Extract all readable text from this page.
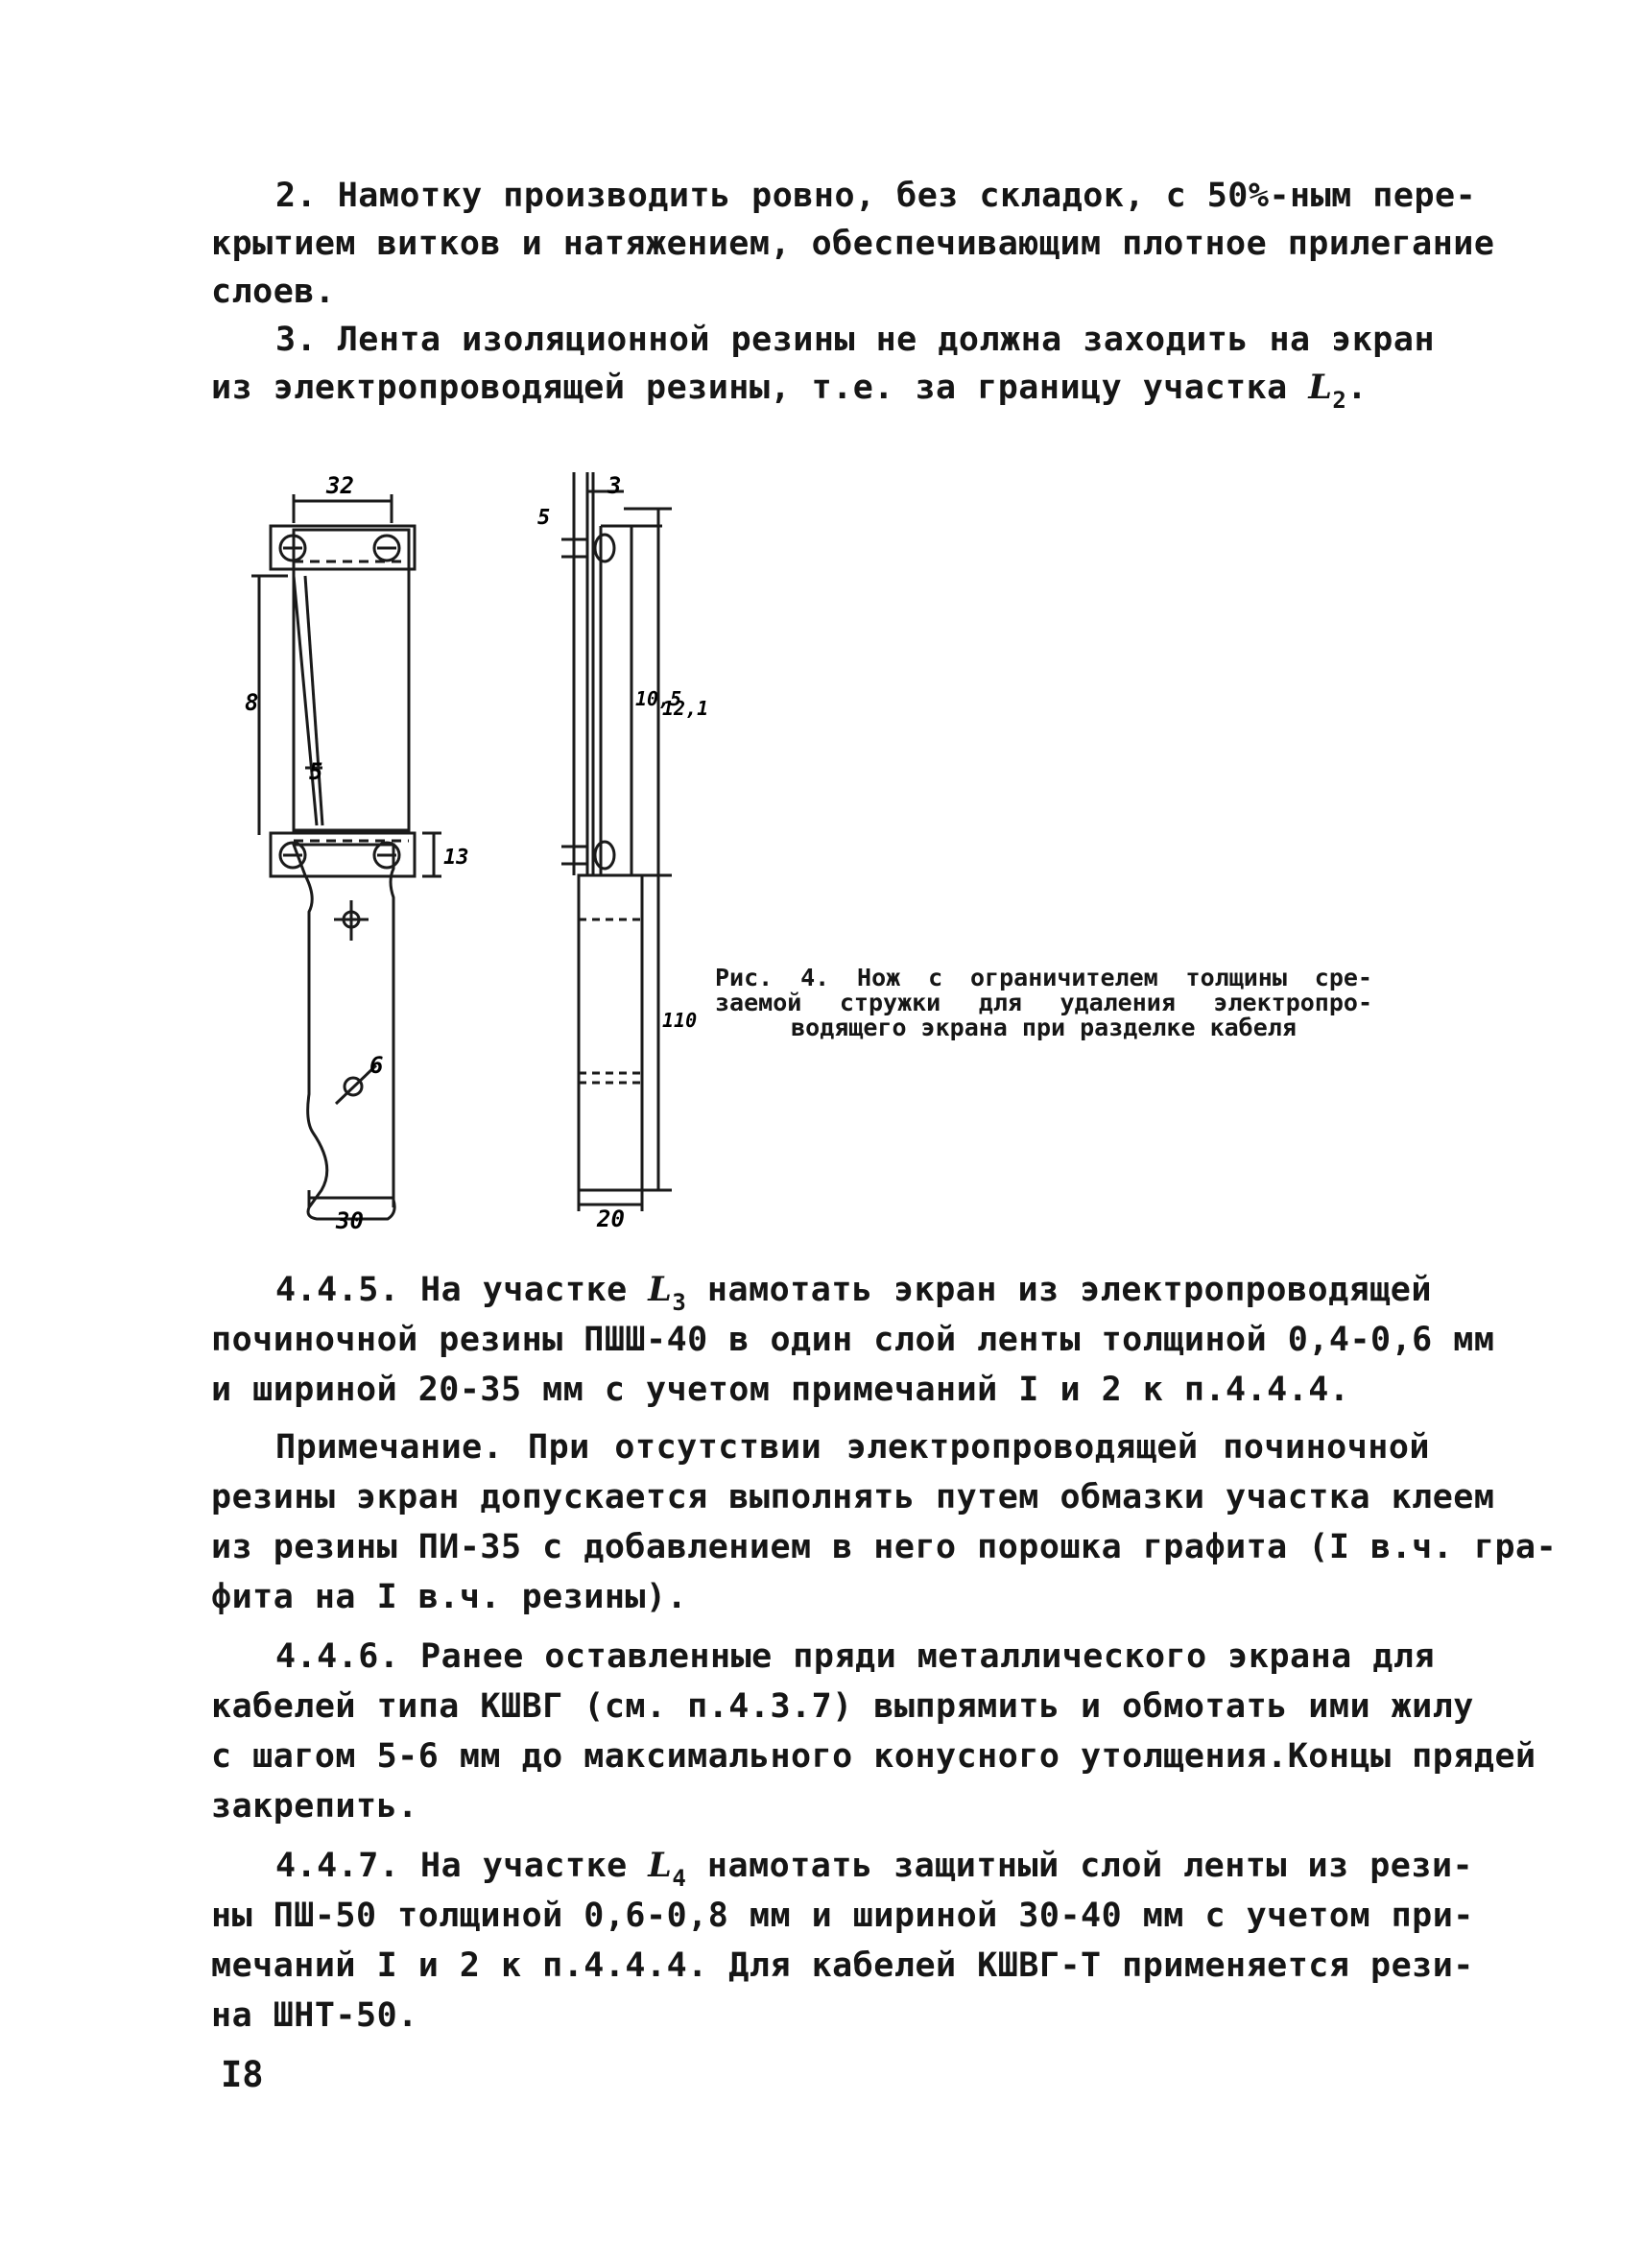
2. Намотку производить ровно, без складок, с 50%-ным пере-
крытием витков и натяжением, обеспечивающим плотное прилегание
слоев.
3. Лента изоляционной резины не должна заходить на экран
из электропроводящей резины, т.е. за границу участка $L_2$.
32
8
5
13
30
6
3
5
10,5
12,1
110
20
Рис. 4. Нож с ограничителем толщины сре-
заемой стружки для удаления электропро-
водящего экрана при разделке кабеля
4.4.5. На участке $L_3$ намотать экран из электропроводящей
починочной резины ПШШ-40 в один слой ленты толщиной 0,4-0,6 мм
и шириной 20-35 мм с учетом примечаний I и 2 к п.4.4.4.
Примечание. При отсутствии электропроводящей починочной
резины экран допускается выполнять путем обмазки участка клеем
из резины ПИ-35 с добавлением в него порошка графита (I в.ч. гра-
фита на I в.ч. резины).
4.4.6. Ранее оставленные пряди металлического экрана для
кабелей типа КШВГ (см. п.4.3.7) выпрямить и обмотать ими жилу
с шагом 5-6 мм до максимального конусного утолщения.Концы прядей
закрепить.
4.4.7. На участке $L_4$ намотать защитный слой ленты из рези-
ны ПШ-50 толщиной 0,6-0,8 мм и шириной 30-40 мм с учетом при-
мечаний I и 2 к п.4.4.4. Для кабелей КШВГ-Т применяется рези-
на ШНТ-50.
I8
